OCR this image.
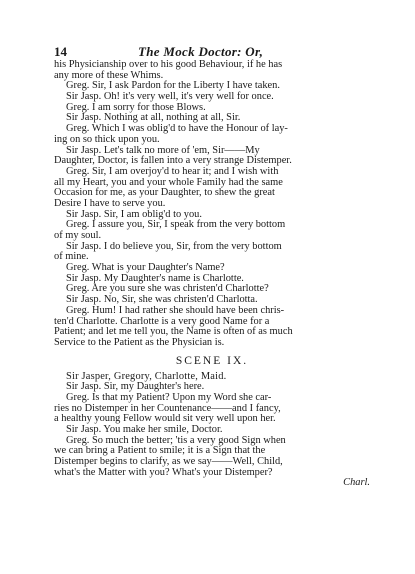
14	The Mock Doctor: Or,
his Physicianship over to his good Behaviour, if he has
any more of these Whims.
Greg. Sir, I ask Pardon for the Liberty I have taken.
Sir Jasp. Oh! it's very well, it's very well for once.
Greg. I am sorry for those Blows.
Sir Jasp. Nothing at all, nothing at all, Sir.
Greg. Which I was oblig'd to have the Honour of lay-
ing on so thick upon you.
Sir Jasp. Let's talk no more of 'em, Sir——My
Daughter, Doctor, is fallen into a very strange Distemper.
Greg. Sir, I am overjoy'd to hear it; and I wish with
all my Heart, you and your whole Family had the same
Occasion for me, as your Daughter, to shew the great
Desire I have to serve you.
Sir Jasp. Sir, I am oblig'd to you.
Greg. I assure you, Sir, I speak from the very bottom
of my soul.
Sir Jasp. I do believe you, Sir, from the very bottom
of mine.
Greg. What is your Daughter's Name?
Sir Jasp. My Daughter's name is Charlotte.
Greg. Are you sure she was christen'd Charlotte?
Sir Jasp. No, Sir, she was christen'd Charlotta.
Greg. Hum! I had rather she should have been chris-
ten'd Charlotte. Charlotte is a very good Name for a
Patient; and let me tell you, the Name is often of as much
Service to the Patient as the Physician is.
SCENE IX.
Sir Jasper, Gregory, Charlotte, Maid.
Sir Jasp. Sir, my Daughter's here.
Greg. Is that my Patient? Upon my Word she car-
ries no Distemper in her Countenance——and I fancy,
a healthy young Fellow would sit very well upon her.
Sir Jasp. You make her smile, Doctor.
Greg. So much the better; 'tis a very good Sign when
we can bring a Patient to smile; it is a Sign that the
Distemper begins to clarify, as we say——Well, Child,
what's the Matter with you? What's your Distemper?
Charl.
